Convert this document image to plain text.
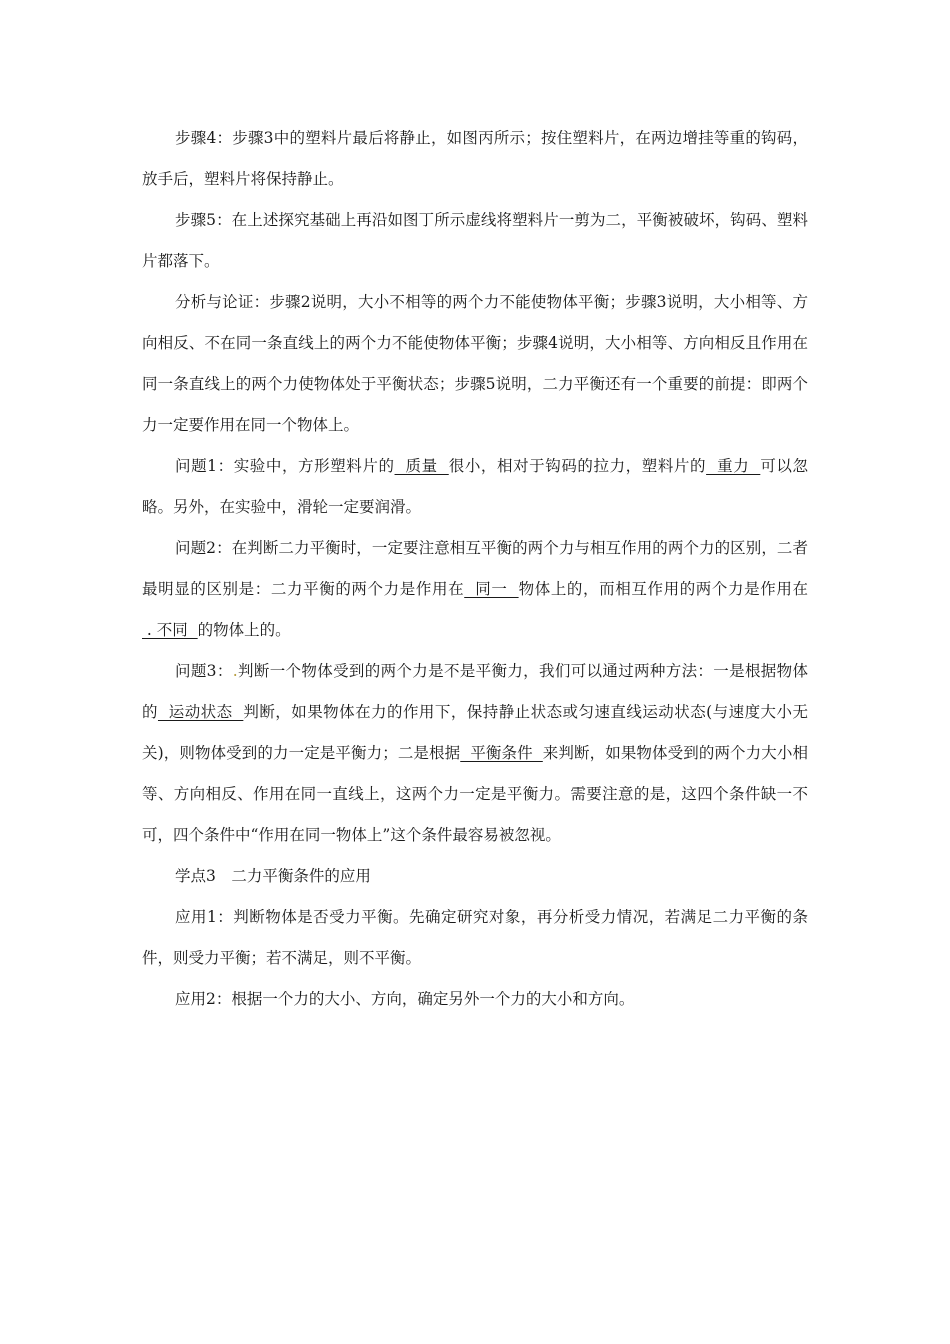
步骤4：步骤3中的塑料片最后将静止，如图丙所示；按住塑料片，在两边增挂等重的钩码，放手后，塑料片将保持静止。

步骤5：在上述探究基础上再沿如图丁所示虚线将塑料片一剪为二，平衡被破坏，钩码、塑料片都落下。

分析与论证：步骤2说明，大小不相等的两个力不能使物体平衡；步骤3说明，大小相等、方向相反、不在同一条直线上的两个力不能使物体平衡；步骤4说明，大小相等、方向相反且作用在同一条直线上的两个力使物体处于平衡状态；步骤5说明，二力平衡还有一个重要的前提：即两个力一定要作用在同一个物体上。

问题1：实验中，方形塑料片的  质量  很小，相对于钩码的拉力，塑料片的  重力  可以忽略。另外，在实验中，滑轮一定要润滑。

问题2：在判断二力平衡时，一定要注意相互平衡的两个力与相互作用的两个力的区别，二者最明显的区别是：二力平衡的两个力是作用在  同一  物体上的，而相互作用的两个力是作用在 . 不同  的物体上的。

问题3：.判断一个物体受到的两个力是不是平衡力，我们可以通过两种方法：一是根据物体的  运动状态  判断，如果物体在力的作用下，保持静止状态或匀速直线运动状态(与速度大小无关)，则物体受到的力一定是平衡力；二是根据  平衡条件  来判断，如果物体受到的两个力大小相等、方向相反、作用在同一直线上，这两个力一定是平衡力。需要注意的是，这四个条件缺一不可，四个条件中“作用在同一物体上”这个条件最容易被忽视。

学点3　二力平衡条件的应用

应用1：判断物体是否受力平衡。先确定研究对象，再分析受力情况，若满足二力平衡的条件，则受力平衡；若不满足，则不平衡。

应用2：根据一个力的大小、方向，确定另外一个力的大小和方向。
